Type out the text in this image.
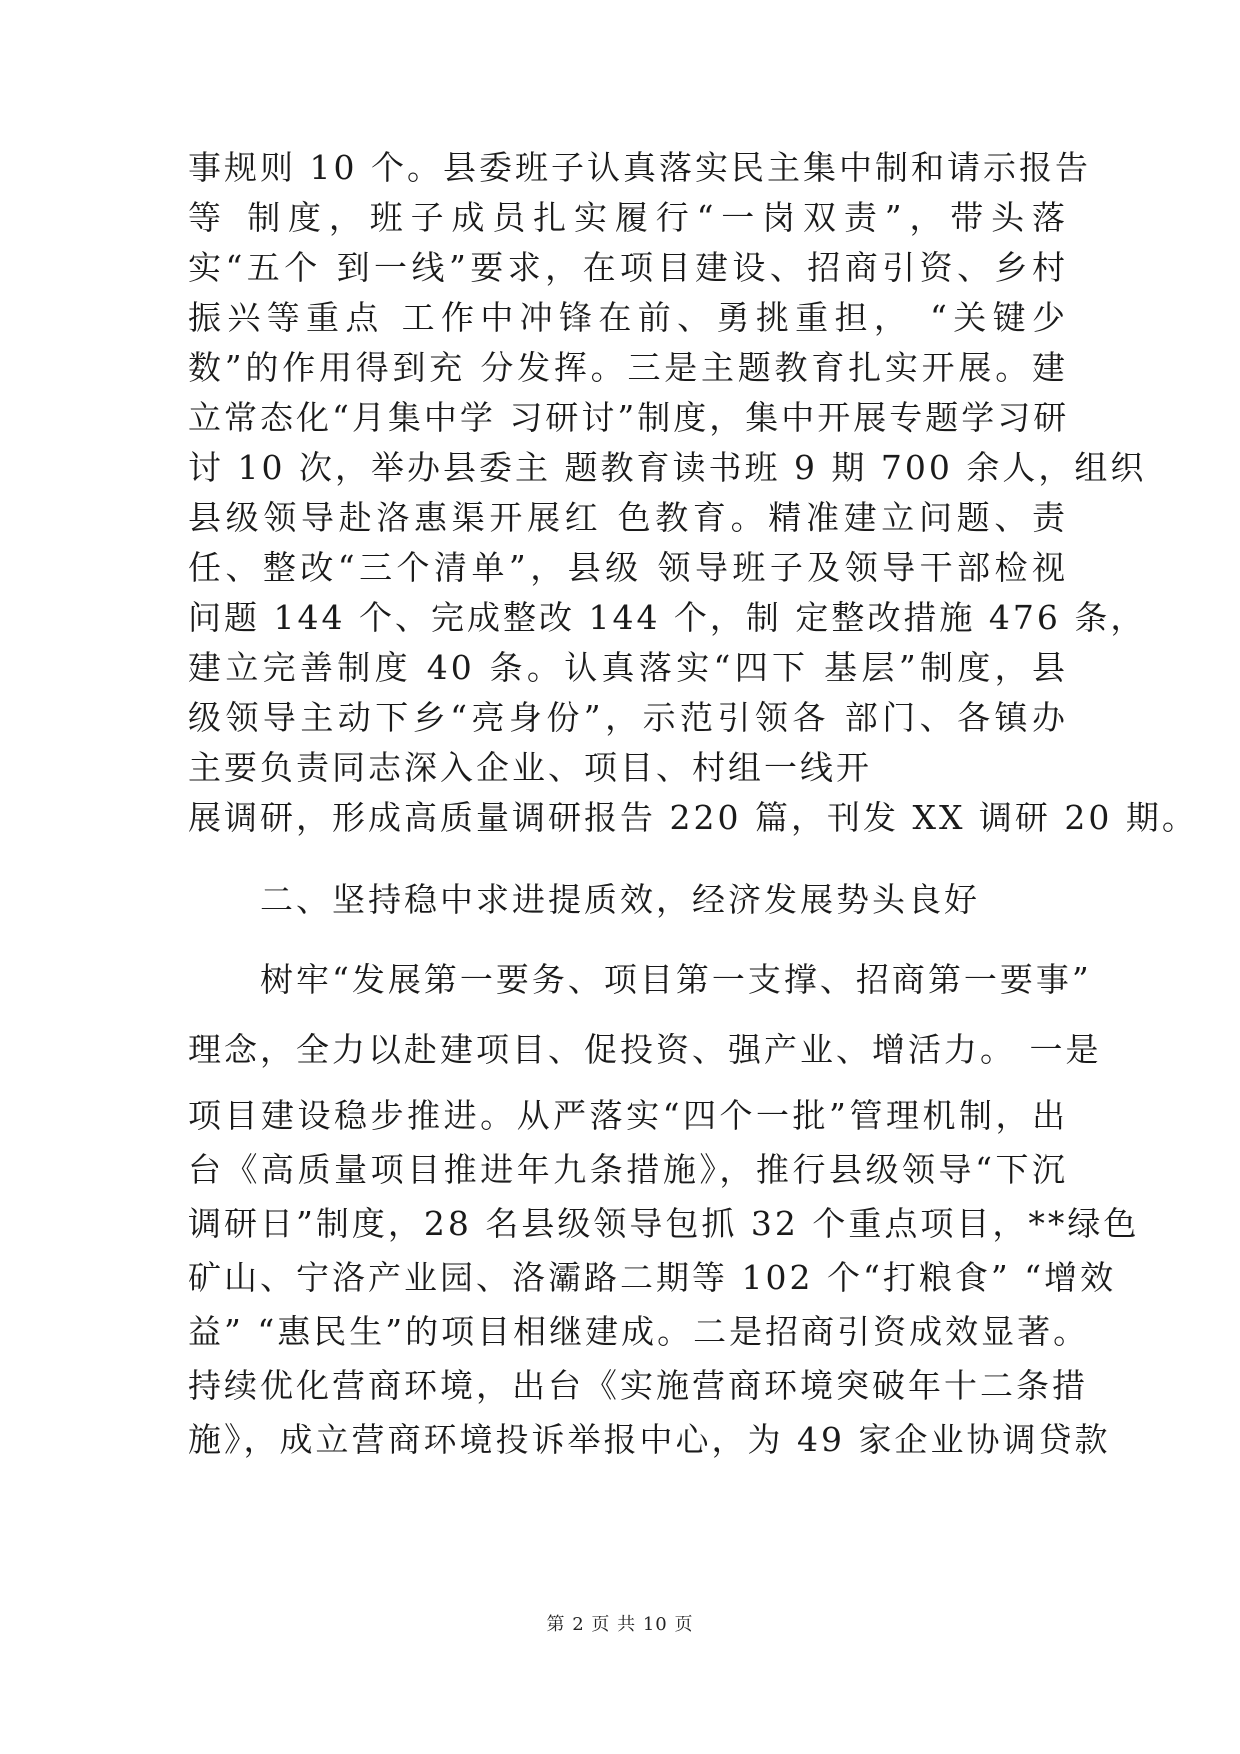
事规则 10 个。县委班子认真落实民主集中制和请示报告
等 制度，班子成员扎实履行“一岗双责”，带头落
实“五个 到一线”要求，在项目建设、招商引资、乡村
振兴等重点 工作中冲锋在前、勇挑重担， “关键少
数”的作用得到充 分发挥。三是主题教育扎实开展。建
立常态化“月集中学 习研讨”制度，集中开展专题学习研
讨 10 次，举办县委主 题教育读书班 9 期 700 余人，组织
县级领导赴洛惠渠开展红 色教育。精准建立问题、责
任、整改“三个清单”，县级 领导班子及领导干部检视
问题 144 个、完成整改 144 个，制 定整改措施 476 条，
建立完善制度 40 条。认真落实“四下 基层”制度，县
级领导主动下乡“亮身份”，示范引领各 部门、各镇办
主要负责同志深入企业、项目、村组一线开
展调研，形成高质量调研报告 220 篇，刊发 XX 调研 20 期。
二、坚持稳中求进提质效，经济发展势头良好
树牢“发展第一要务、项目第一支撑、招商第一要事”
理念，全力以赴建项目、促投资、强产业、增活力。 一是
项目建设稳步推进。从严落实“四个一批”管理机制，出
台《高质量项目推进年九条措施》，推行县级领导“下沉
调研日”制度，28 名县级领导包抓 32 个重点项目，**绿色
矿山、宁洛产业园、洛灞路二期等 102 个“打粮食” “增效
益” “惠民生”的项目相继建成。二是招商引资成效显著。
持续优化营商环境，出台《实施营商环境突破年十二条措
施》，成立营商环境投诉举报中心，为 49 家企业协调贷款
第 2 页 共 10 页
